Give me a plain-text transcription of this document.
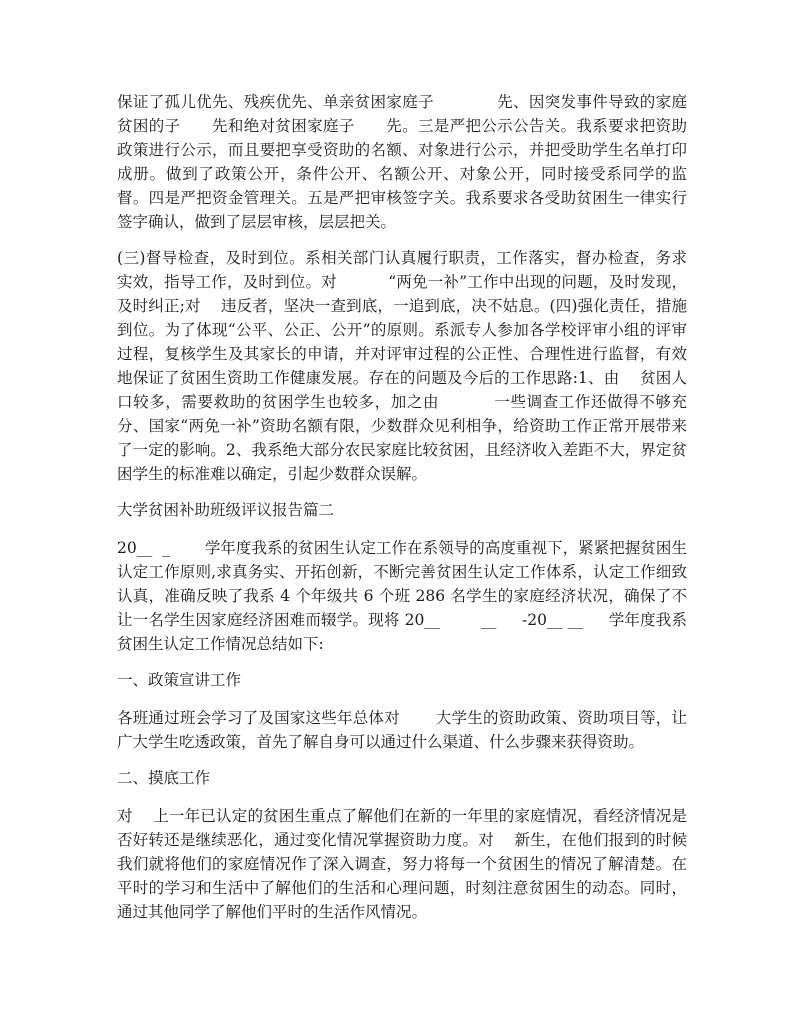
保证了孤儿优先、残疾优先、单亲贫困家庭子            先、因突发事件导致的家庭贫困的子      先和绝对贫困家庭子      先。三是严把公示公告关。我系要求把资助政策进行公示，而且要把享受资助的名额、对象进行公示，并把受助学生名单打印成册。做到了政策公开，条件公开、名额公开、对象公开，同时接受系同学的监督。四是严把资金管理关。五是严把审核签字关。我系要求各受助贫困生一律实行签字确认，做到了层层审核，层层把关。

(三)督导检查，及时到位。系相关部门认真履行职责，工作落实，督办检查，务求实效，指导工作，及时到位。对          “两免一补”工作中出现的问题，及时发现，及时纠正;对    违反者，坚决一查到底，一追到底，决不姑息。(四)强化责任，措施到位。为了体现“公平、公正、公开”的原则。系派专人参加各学校评审小组的评审过程，复核学生及其家长的申请，并对评审过程的公正性、合理性进行监督，有效地保证了贫困生资助工作健康发展。存在的问题及今后的工作思路:1、由    贫困人口较多，需要救助的贫困学生也较多，加之由          一些调查工作还做得不够充分、国家“两免一补”资助名额有限，少数群众见利相争，给资助工作正常开展带来了一定的影响。2、我系绝大部分农民家庭比较贫困，且经济收入差距不大，界定贫困学生的标准难以确定，引起少数群众误解。

大学贫困补助班级评议报告篇二

20__  _       学年度我系的贫困生认定工作在系领导的高度重视下，紧紧把握贫困生认定工作原则,求真务实、开拓创新，不断完善贫困生认定工作体系，认定工作细致认真，准确反映了我系 4 个年级共 6 个班 286 名学生的家庭经济状况，确保了不让一名学生因家庭经济困难而辍学。现将 20__        __     -20__ __     学年度我系贫困生认定工作情况总结如下:

一、政策宣讲工作

各班通过班会学习了及国家这些年总体对       大学生的资助政策、资助项目等，让广大学生吃透政策，首先了解自身可以通过什么渠道、什么步骤来获得资助。

二、摸底工作

对    上一年已认定的贫困生重点了解他们在新的一年里的家庭情况，看经济情况是否好转还是继续恶化，通过变化情况掌握资助力度。对    新生，在他们报到的时候我们就将他们的家庭情况作了深入调查，努力将每一个贫困生的情况了解清楚。在平时的学习和生活中了解他们的生活和心理问题，时刻注意贫困生的动态。同时，通过其他同学了解他们平时的生活作风情况。
